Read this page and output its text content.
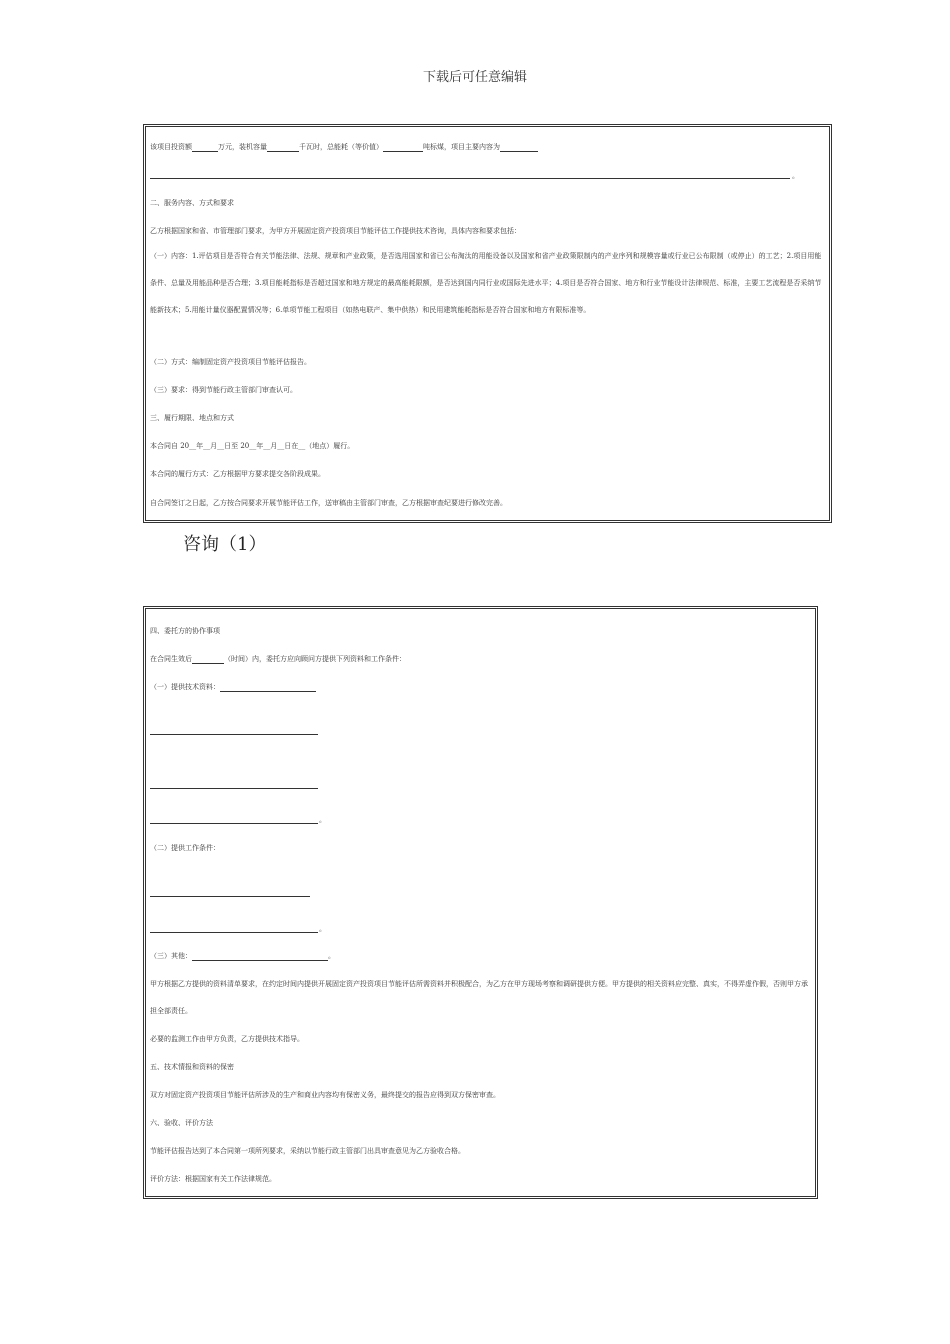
下载后可任意编辑
该项目投资额	万元，装机容量	千瓦时，总能耗（等价值）	吨标煤，项目主要内容为
。
二、服务内容、方式和要求
乙方根据国家和省、市管理部门要求，为甲方开展固定资产投资项目节能评估工作提供技术咨询，具体内容和要求包括：
（一）内容：1.评估项目是否符合有关节能法律、法规、规章和产业政策，是否选用国家和省已公布淘汰的用能设备以及国家和省产业政策限制内的产业序列和规模容量或行业已公布限制（或停止）的工艺；2.项目用能条件、总量及用能品种是否合理；3.项目能耗指标是否超过国家和地方规定的最高能耗限额，是否达到国内同行业或国际先进水平；4.项目是否符合国家、地方和行业节能设计法律规范、标准，主要工艺流程是否采纳节能新技术；5.用能计量仪器配置情况等；6.单项节能工程项目（如热电联产、集中供热）和民用建筑能耗指标是否符合国家和地方有限标准等。
（二）方式：编制固定资产投资项目节能评估报告。
（三）要求：得到节能行政主管部门审查认可。
三、履行期限、地点和方式
本合同自 20__年__月__日至 20__年__月__日在__（地点）履行。
本合同的履行方式：乙方根据甲方要求提交各阶段成果。
自合同签订之日起，乙方按合同要求开展节能评估工作，送审稿由主管部门审查，乙方根据审查纪要进行修改完善。
咨询（1）
四、委托方的协作事项
在合同生效后	（时间）内，委托方应向顾问方提供下列资料和工作条件：
（一）提供技术资料：
。
（二）提供工作条件：
。
（三）其他：	。
甲方根据乙方提供的资料清单要求，在约定时间内提供开展固定资产投资项目节能评估所需资料并积极配合，为乙方在甲方现场考察和调研提供方便。甲方提供的相关资料应完整、真实，不得弄虚作假，否则甲方承担全部责任。
必要的监测工作由甲方负责，乙方提供技术指导。
五、技术情报和资料的保密
双方对固定资产投资项目节能评估所涉及的生产和商业内容均有保密义务，最终提交的报告应得到双方保密审查。
六、验收、评价方法
节能评估报告达到了本合同第一项所列要求，采纳以节能行政主管部门出具审查意见为乙方验收合格。
评价方法：根据国家有关工作法律规范。
